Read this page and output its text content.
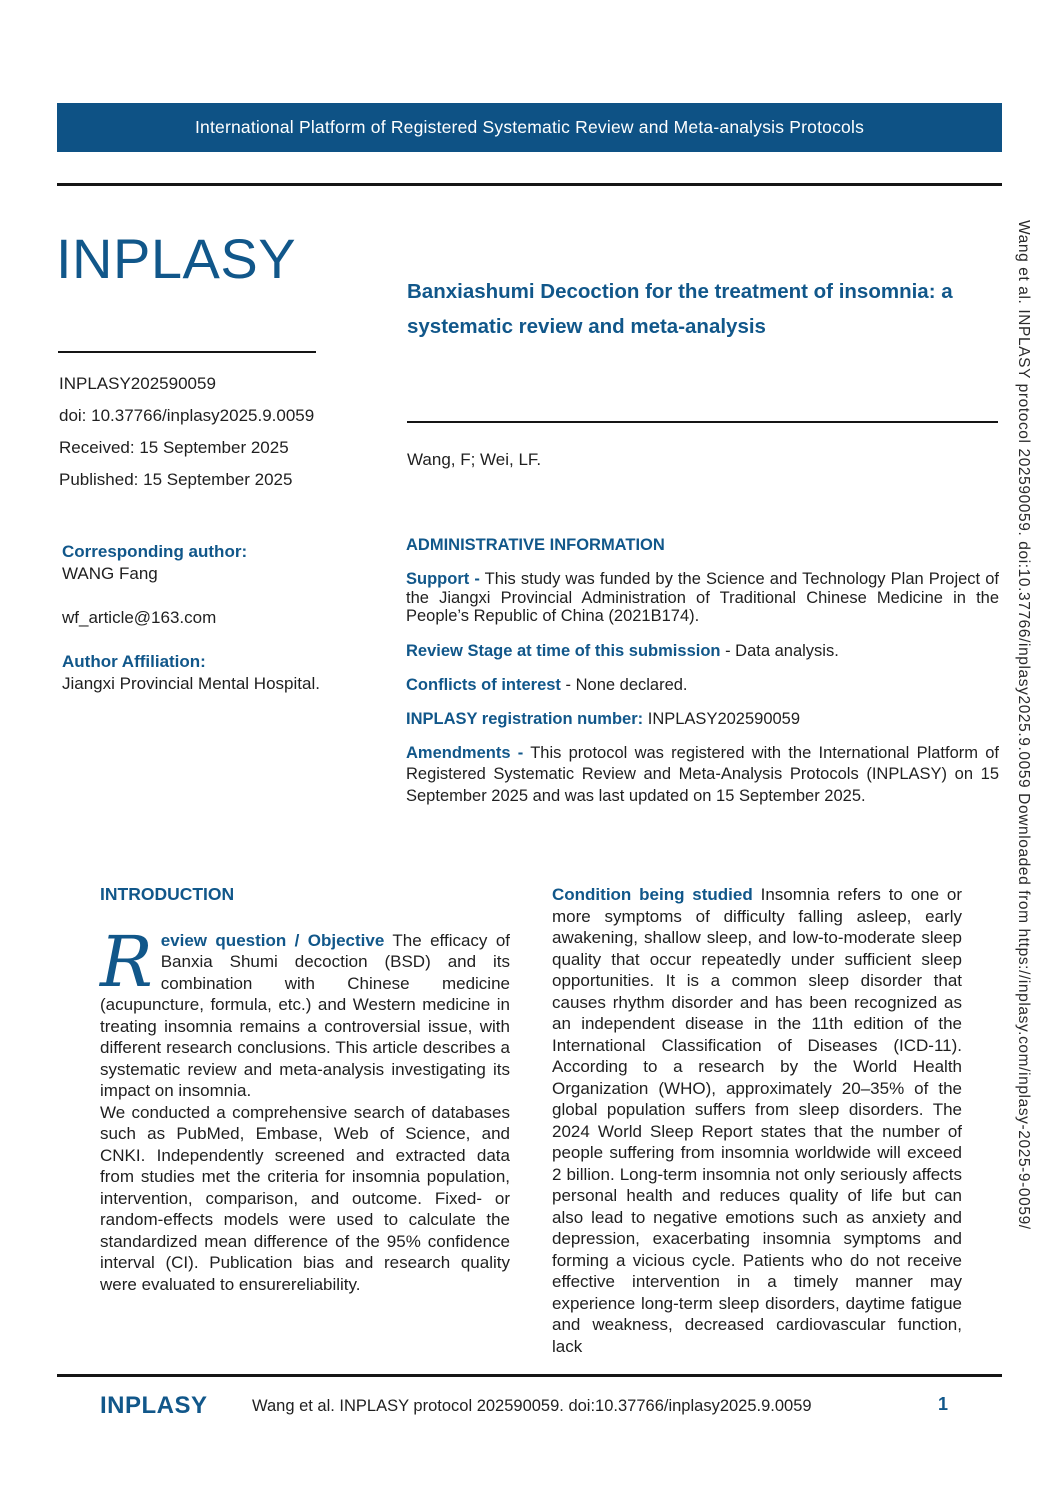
International Platform of Registered Systematic Review and Meta-analysis Protocols
INPLASY
INPLASY202590059
doi: 10.37766/inplasy2025.9.0059
Received: 15 September 2025
Published: 15 September 2025
Corresponding author:
WANG Fang
wf_article@163.com
Author Affiliation:
Jiangxi Provincial Mental Hospital.
Banxiashumi Decoction for the treatment of insomnia: a systematic review and meta-analysis
Wang, F; Wei, LF.
ADMINISTRATIVE INFORMATION

Support - This study was funded by the Science and Technology Plan Project of the Jiangxi Provincial Administration of Traditional Chinese Medicine in the People’s Republic of China (2021B174).

Review Stage at time of this submission - Data analysis.

Conflicts of interest - None declared.

INPLASY registration number: INPLASY202590059

Amendments - This protocol was registered with the International Platform of Registered Systematic Review and Meta-Analysis Protocols (INPLASY) on 15 September 2025 and was last updated on 15 September 2025.

INTRODUCTION

Review question / Objective The efficacy of Banxia Shumi decoction (BSD) and its combination with Chinese medicine (acupuncture, formula, etc.) and Western medicine in treating insomnia remains a controversial issue, with different research conclusions. This article describes a systematic review and meta-analysis investigating its impact on insomnia.

We conducted a comprehensive search of databases such as PubMed, Embase, Web of Science, and CNKI. Independently screened and extracted data from studies met the criteria for insomnia population, intervention, comparison, and outcome. Fixed- or random-effects models were used to calculate the standardized mean difference of the 95% confidence interval (CI). Publication bias and research quality were evaluated to ensurereliability.

Condition being studied Insomnia refers to one or more symptoms of difficulty falling asleep, early awakening, shallow sleep, and low-to-moderate sleep quality that occur repeatedly under sufficient sleep opportunities. It is a common sleep disorder that causes rhythm disorder and has been recognized as an independent disease in the 11th edition of the International Classification of Diseases (ICD-11). According to a research by the World Health Organization (WHO), approximately 20–35% of the global population suffers from sleep disorders. The 2024 World Sleep Report states that the number of people suffering from insomnia worldwide will exceed 2 billion. Long-term insomnia not only seriously affects personal health and reduces quality of life but can also lead to negative emotions such as anxiety and depression, exacerbating insomnia symptoms and forming a vicious cycle. Patients who do not receive effective intervention in a timely manner may experience long-term sleep disorders, daytime fatigue and weakness, decreased cardiovascular function, lack

INPLASY	Wang et al. INPLASY protocol 202590059. doi:10.37766/inplasy2025.9.0059	1
Wang et al. INPLASY protocol 202590059. doi:10.37766/inplasy2025.9.0059 Downloaded from https://inplasy.com/inplasy-2025-9-0059/
